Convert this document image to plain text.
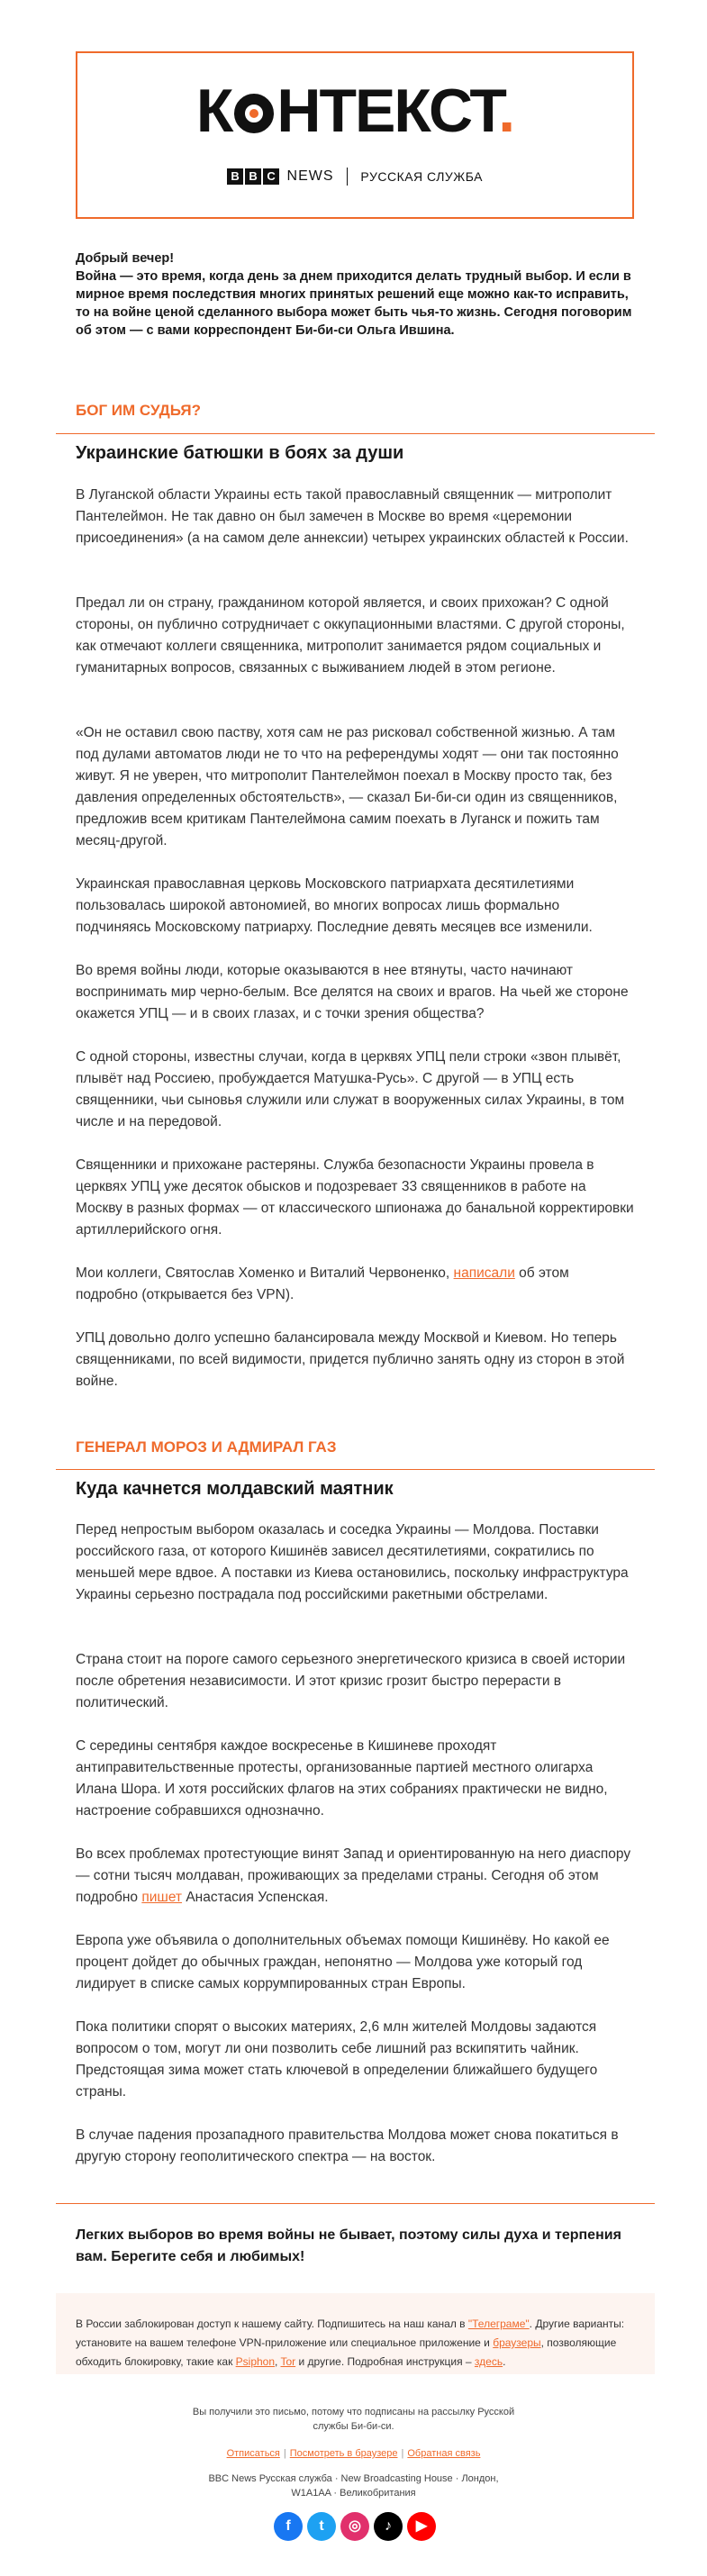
К НТЕКСТ.
B B C NEWS РУССКАЯ СЛУЖБА
Добрый вечер!
Война — это время, когда день за днем приходится делать трудный выбор. И если в мирное время последствия многих принятых решений еще можно как-то исправить, то на войне ценой сделанного выбора может быть чья-то жизнь. Сегодня поговорим об этом — с вами корреспондент Би-би-си Ольга Ившина.
БОГ ИМ СУДЬЯ?
Украинские батюшки в боях за души

В Луганской области Украины есть такой православный священник — митрополит Пантелеймон. Не так давно он был замечен в Москве во время «церемонии присоединения» (а на самом деле аннексии) четырех украинских областей к России.

Предал ли он страну, гражданином которой является, и своих прихожан? С одной стороны, он публично сотрудничает с оккупационными властями. С другой стороны, как отмечают коллеги священника, митрополит занимается рядом социальных и гуманитарных вопросов, связанных с выживанием людей в этом регионе.

«Он не оставил свою паству, хотя сам не раз рисковал собственной жизнью. А там под дулами автоматов люди не то что на референдумы ходят — они так постоянно живут. Я не уверен, что митрополит Пантелеймон поехал в Москву просто так, без давления определенных обстоятельств», — сказал Би-би-си один из священников, предложив всем критикам Пантелеймона самим поехать в Луганск и пожить там месяц-другой.

Украинская православная церковь Московского патриархата десятилетиями пользовалась широкой автономией, во многих вопросах лишь формально подчиняясь Московскому патриарху. Последние девять месяцев все изменили.

Во время войны люди, которые оказываются в нее втянуты, часто начинают воспринимать мир черно-белым. Все делятся на своих и врагов. На чьей же стороне окажется УПЦ — и в своих глазах, и с точки зрения общества?

С одной стороны, известны случаи, когда в церквях УПЦ пели строки «звон плывёт, плывёт над Россиею, пробуждается Матушка-Русь». С другой — в УПЦ есть священники, чьи сыновья служили или служат в вооруженных силах Украины, в том числе и на передовой.

Священники и прихожане растеряны. Служба безопасности Украины провела в церквях УПЦ уже десяток обысков и подозревает 33 священников в работе на Москву в разных формах — от классического шпионажа до банальной корректировки артиллерийского огня.

Мои коллеги, Святослав Хоменко и Виталий Червоненко, написали об этом подробно (открывается без VPN).

УПЦ довольно долго успешно балансировала между Москвой и Киевом. Но теперь священниками, по всей видимости, придется публично занять одну из сторон в этой войне.

ГЕНЕРАЛ МОРОЗ И АДМИРАЛ ГАЗ
Куда качнется молдавский маятник

Перед непростым выбором оказалась и соседка Украины — Молдова. Поставки российского газа, от которого Кишинёв зависел десятилетиями, сократились по меньшей мере вдвое. А поставки из Киева остановились, поскольку инфраструктура Украины серьезно пострадала под российскими ракетными обстрелами.

Страна стоит на пороге самого серьезного энергетического кризиса в своей истории после обретения независимости. И этот кризис грозит быстро перерасти в политический.

С середины сентября каждое воскресенье в Кишиневе проходят антиправительственные протесты, организованные партией местного олигарха Илана Шора. И хотя российских флагов на этих собраниях практически не видно, настроение собравшихся однозначно.

Во всех проблемах протестующие винят Запад и ориентированную на него диаспору — сотни тысяч молдаван, проживающих за пределами страны. Сегодня об этом подробно пишет Анастасия Успенская.

Европа уже объявила о дополнительных объемах помощи Кишинёву. Но какой ее процент дойдет до обычных граждан, непонятно — Молдова уже который год лидирует в списке самых коррумпированных стран Европы.

Пока политики спорят о высоких материях, 2,6 млн жителей Молдовы задаются вопросом о том, могут ли они позволить себе лишний раз вскипятить чайник. Предстоящая зима может стать ключевой в определении ближайшего будущего страны.

В случае падения прозападного правительства Молдова может снова покатиться в другую сторону геополитического спектра — на восток.

Легких выборов во время войны не бывает, поэтому силы духа и терпения вам. Берегите себя и любимых!
В России заблокирован доступ к нашему сайту. Подпишитесь на наш канал в "Телеграме". Другие варианты: установите на вашем телефоне VPN-приложение или специальное приложение и браузеры, позволяющие обходить блокировку, такие как Psiphon, Tor и другие. Подробная инструкция – здесь.
Вы получили это письмо, потому что подписаны на рассылку Русской службы Би-би-си.
Отписаться | Посмотреть в браузере | Обратная связь
BBC News Русская служба · New Broadcasting House · Лондон, W1A1AA · Великобритания
f	t	◎	♪	▶
